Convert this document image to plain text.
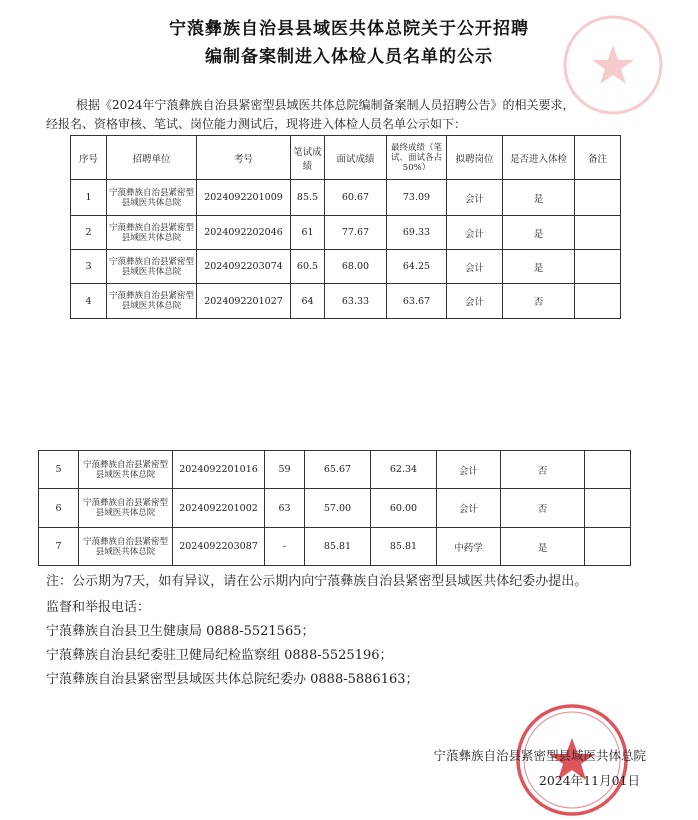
宁蒗彝族自治县县域医共体总院关于公开招聘
编制备案制进入体检人员名单的公示
根据《2024年宁蒗彝族自治县紧密型县域医共体总院编制备案制人员招聘公告》的相关要求，
经报名、资格审核、笔试、岗位能力测试后，现将进入体检人员名单公示如下：
序号	招聘单位	考号	笔试成绩	面试成绩	最终成绩（笔试、面试各占50%）	拟聘岗位	是否进入体检	备注
1	宁蒗彝族自治县紧密型县域医共体总院	2024092201009	85.5	60.67	73.09	会计	是	
2	宁蒗彝族自治县紧密型县域医共体总院	2024092202046	61	77.67	69.33	会计	是	
3	宁蒗彝族自治县紧密型县域医共体总院	2024092203074	60.5	68.00	64.25	会计	是	
4	宁蒗彝族自治县紧密型县域医共体总院	2024092201027	64	63.33	63.67	会计	否	
5	宁蒗彝族自治县紧密型县域医共体总院	2024092201016	59	65.67	62.34	会计	否	
6	宁蒗彝族自治县紧密型县域医共体总院	2024092201002	63	57.00	60.00	会计	否	
7	宁蒗彝族自治县紧密型县域医共体总院	2024092203087	-	85.81	85.81	中药学	是	
注：公示期为7天，如有异议，请在公示期内向宁蒗彝族自治县紧密型县域医共体纪委办提出。
监督和举报电话：
宁蒗彝族自治县卫生健康局 0888-5521565；
宁蒗彝族自治县纪委驻卫健局纪检监察组 0888-5525196；
宁蒗彝族自治县紧密型县域医共体总院纪委办 0888-5886163；
宁蒗彝族自治县紧密型县域医共体总院
2024年11月01日
